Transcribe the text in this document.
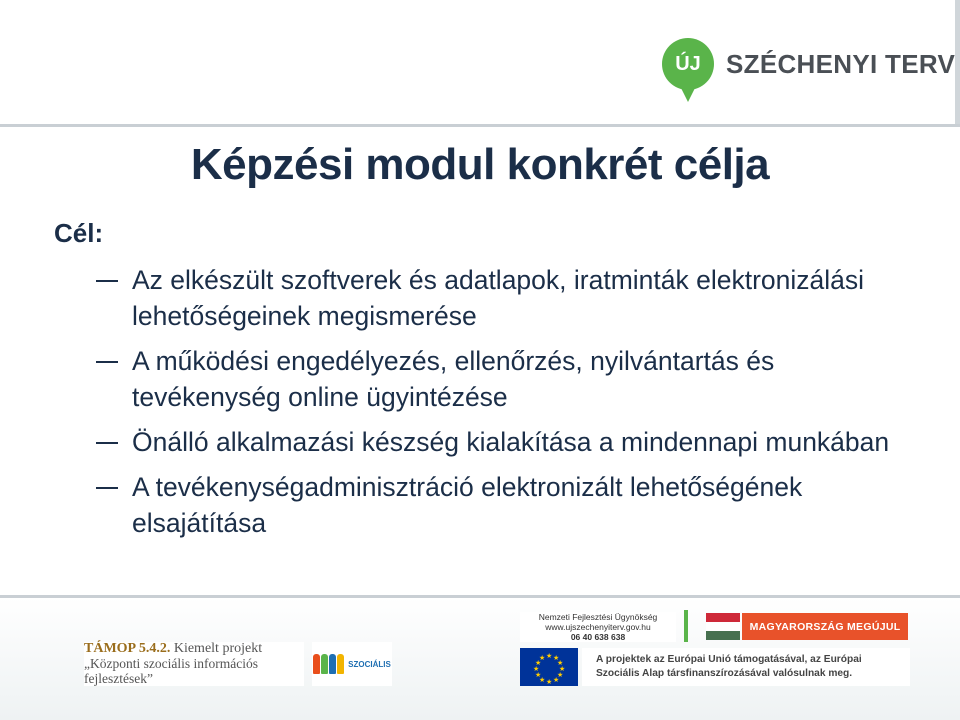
ÚJ SZÉCHENYI TERV
Képzési modul konkrét célja
Cél:
Az elkészült szoftverek és adatlapok, iratminták elektronizálási lehetőségeinek megismerése
A működési engedélyezés, ellenőrzés, nyilvántartás és tevékenység online ügyintézése
Önálló alkalmazási készség kialakítása a mindennapi munkában
A tevékenységadminisztráció elektronizált lehetőségének elsajátítása
TÁMOP 5.4.2. Kiemelt projekt
„Központi szociális információs
fejlesztések”
SZOCIÁLIS
Nemzeti Fejlesztési Ügynökség
www.ujszechenyiterv.gov.hu
06 40 638 638
MAGYARORSZÁG MEGÚJUL
★ ★
★
★
★
★
★
★
★
★
★
★	A projektek az Európai Unió támogatásával, az Európai
Szociális Alap társfinanszírozásával valósulnak meg.
